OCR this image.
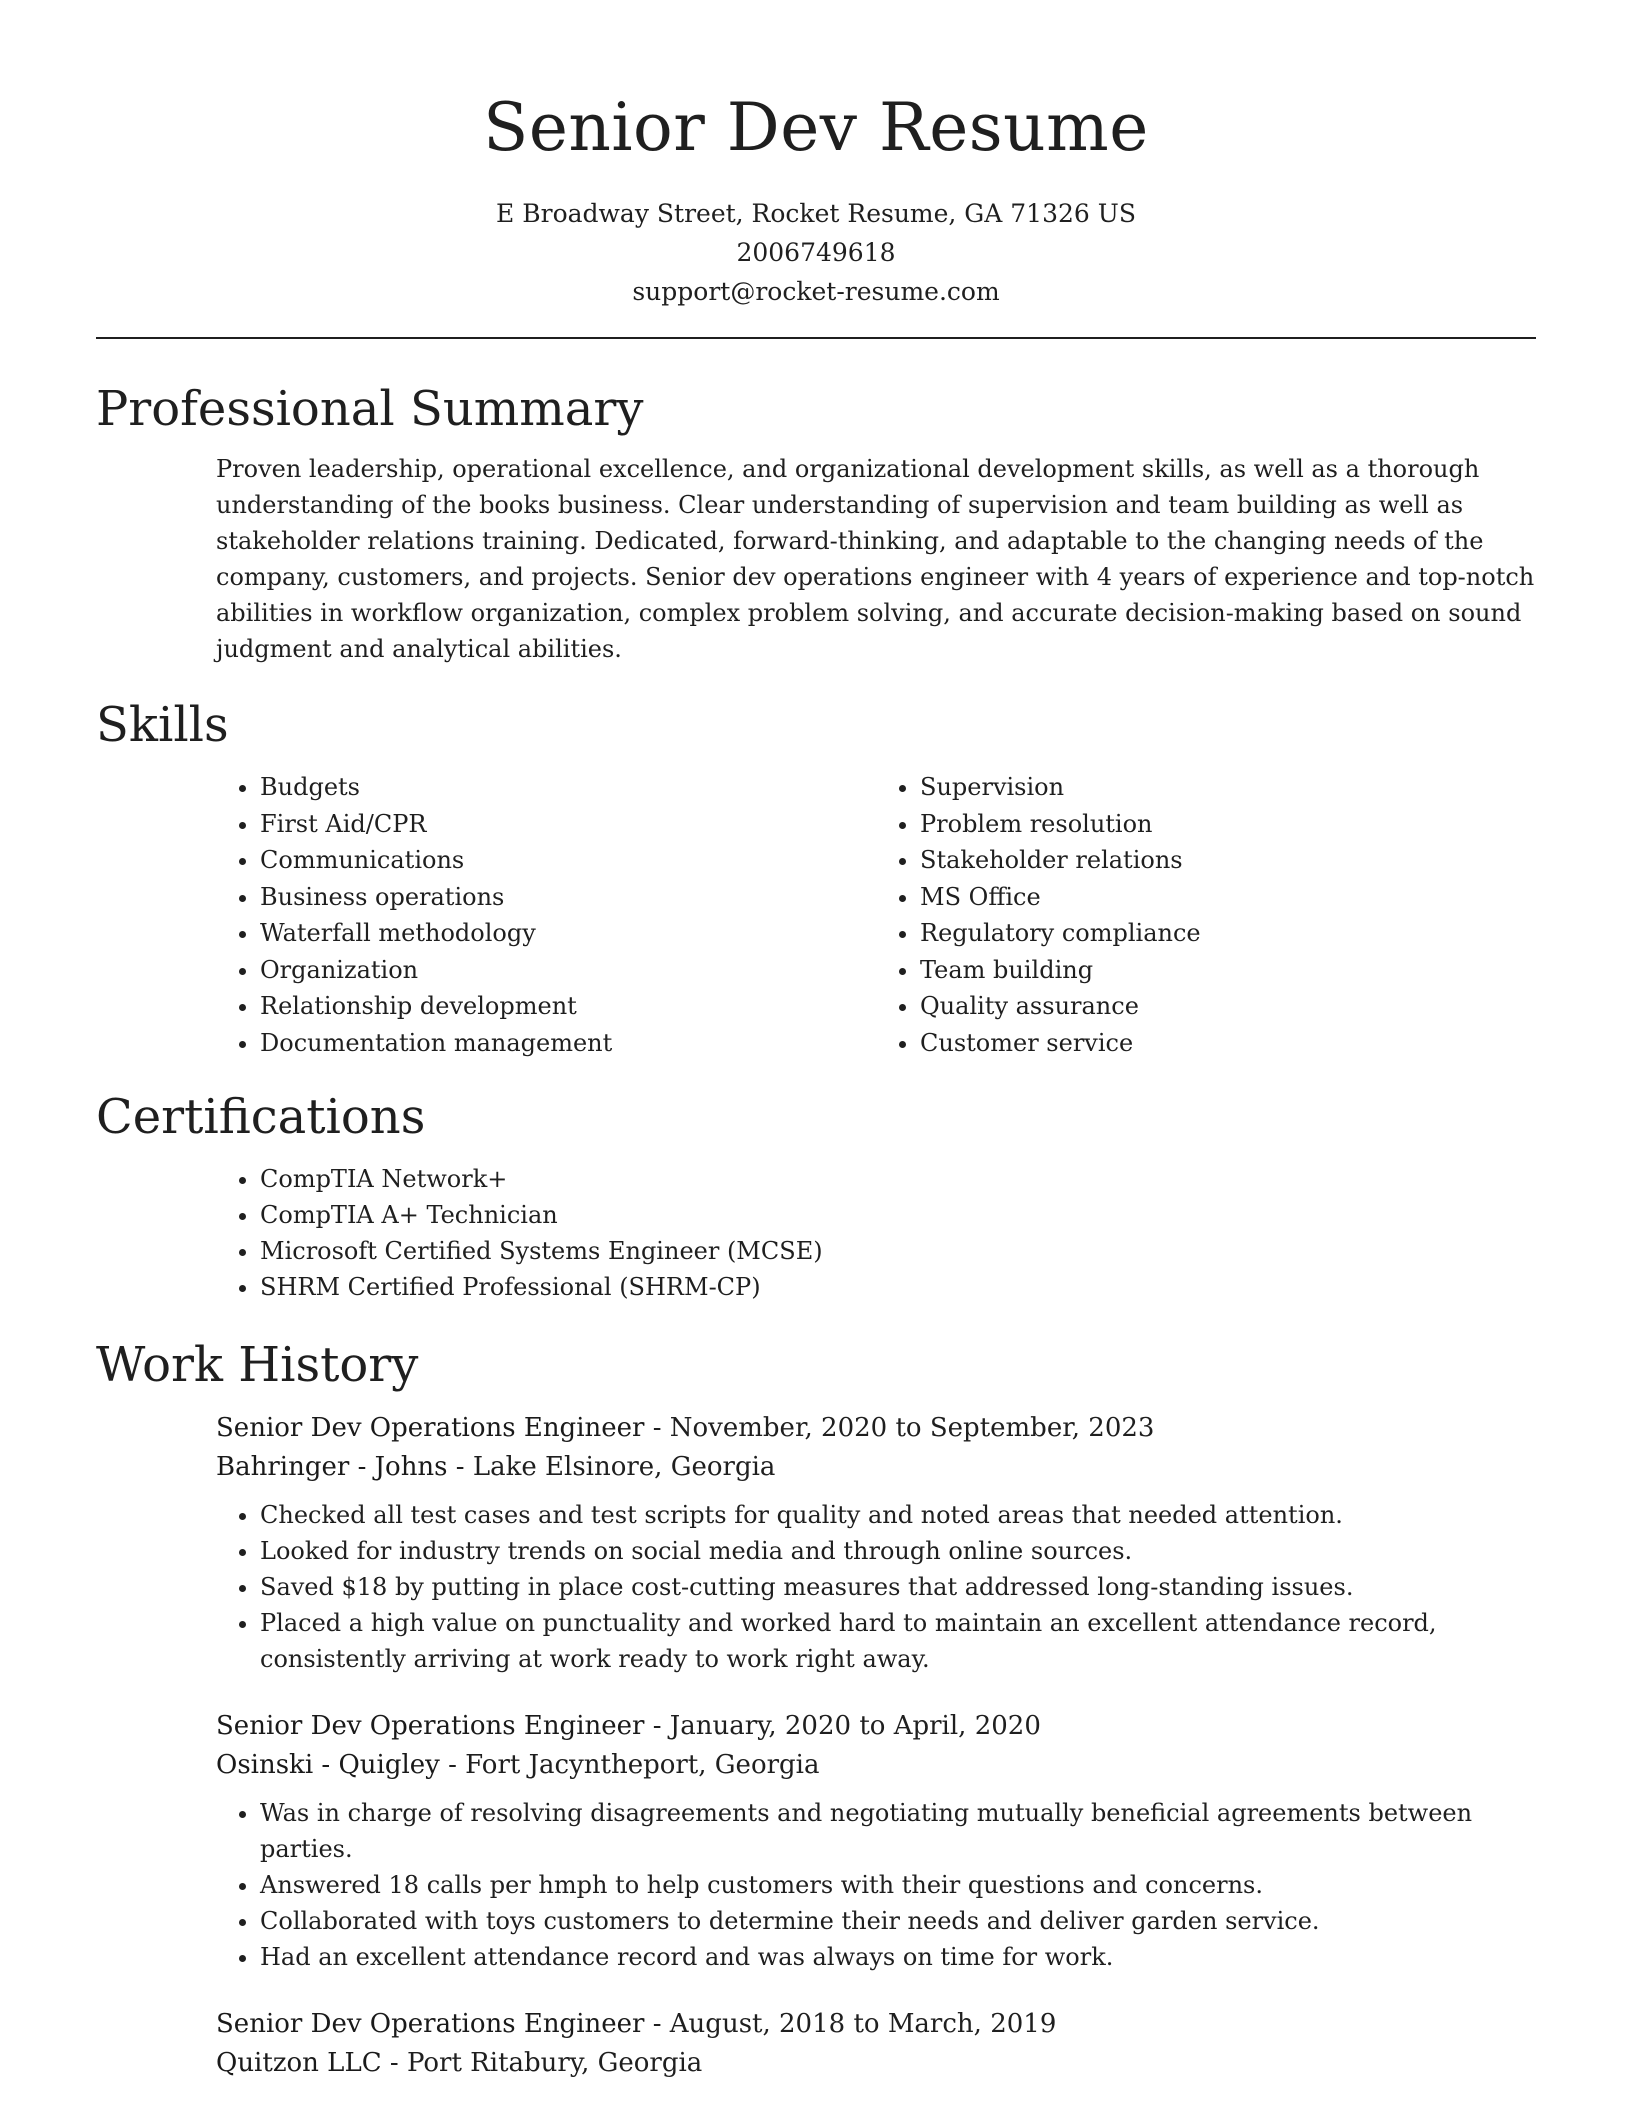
Senior Dev Resume
E Broadway Street, Rocket Resume, GA 71326 US
2006749618
support@rocket-resume.com
Professional Summary

Proven leadership, operational excellence, and organizational development skills, as well as a thorough understanding of the books business. Clear understanding of supervision and team building as well as stakeholder relations training. Dedicated, forward-thinking, and adaptable to the changing needs of the company, customers, and projects. Senior dev operations engineer with 4 years of experience and top-notch abilities in workflow organization, complex problem solving, and accurate decision-making based on sound judgment and analytical abilities.

Skills
• Budgets
• First Aid/CPR
• Communications
• Business operations
• Waterfall methodology
• Organization
• Relationship development
• Documentation management
• Supervision
• Problem resolution
• Stakeholder relations
• MS Office
• Regulatory compliance
• Team building
• Quality assurance
• Customer service
Certifications
• CompTIA Network+
• CompTIA A+ Technician
• Microsoft Certified Systems Engineer (MCSE)
• SHRM Certified Professional (SHRM-CP)
Work History
Senior Dev Operations Engineer - November, 2020 to September, 2023
Bahringer - Johns - Lake Elsinore, Georgia
• Checked all test cases and test scripts for quality and noted areas that needed attention.
• Looked for industry trends on social media and through online sources.
• Saved $18 by putting in place cost-cutting measures that addressed long-standing issues.
• Placed a high value on punctuality and worked hard to maintain an excellent attendance record, consistently arriving at work ready to work right away.
Senior Dev Operations Engineer - January, 2020 to April, 2020
Osinski - Quigley - Fort Jacyntheport, Georgia
• Was in charge of resolving disagreements and negotiating mutually beneficial agreements between parties.
• Answered 18 calls per hmph to help customers with their questions and concerns.
• Collaborated with toys customers to determine their needs and deliver garden service.
• Had an excellent attendance record and was always on time for work.
Senior Dev Operations Engineer - August, 2018 to March, 2019
Quitzon LLC - Port Ritabury, Georgia
